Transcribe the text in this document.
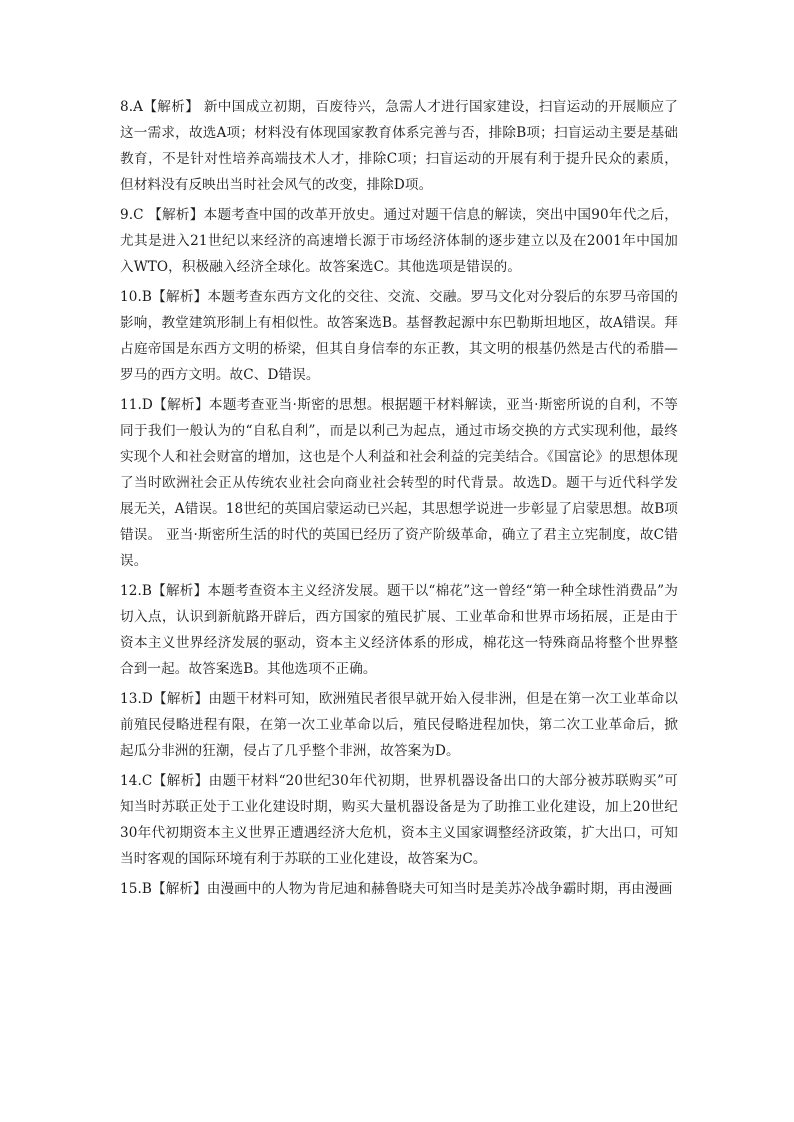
8.A【解析】 新中国成立初期，百废待兴，急需人才进行国家建设，扫盲运动的开展顺应了这一需求，故选A项；材料没有体现国家教育体系完善与否，排除B项；扫盲运动主要是基础教育，不是针对性培养高端技术人才，排除C项；扫盲运动的开展有利于提升民众的素质，但材料没有反映出当时社会风气的改变，排除D项。

9.C 【解析】本题考查中国的改革开放史。通过对题干信息的解读，突出中国90年代之后，尤其是进入21世纪以来经济的高速增长源于市场经济体制的逐步建立以及在2001年中国加入WTO，积极融入经济全球化。故答案选C。其他选项是错误的。

10.B【解析】本题考查东西方文化的交往、交流、交融。罗马文化对分裂后的东罗马帝国的影响，教堂建筑形制上有相似性。故答案选B。基督教起源中东巴勒斯坦地区，故A错误。拜占庭帝国是东西方文明的桥梁，但其自身信奉的东正教，其文明的根基仍然是古代的希腊—罗马的西方文明。故C、D错误。

11.D【解析】本题考查亚当·斯密的思想。根据题干材料解读，亚当·斯密所说的自利，不等同于我们一般认为的“自私自利”，而是以利己为起点，通过市场交换的方式实现利他，最终实现个人和社会财富的增加，这也是个人利益和社会利益的完美结合。《国富论》的思想体现了当时欧洲社会正从传统农业社会向商业社会转型的时代背景。故选D。题干与近代科学发展无关，A错误。18世纪的英国启蒙运动已兴起，其思想学说进一步彰显了启蒙思想。故B项错误。 亚当·斯密所生活的时代的英国已经历了资产阶级革命，确立了君主立宪制度，故C错误。

12.B【解析】本题考查资本主义经济发展。题干以“棉花”这一曾经“第一种全球性消费品”为切入点，认识到新航路开辟后，西方国家的殖民扩展、工业革命和世界市场拓展，正是由于资本主义世界经济发展的驱动，资本主义经济体系的形成，棉花这一特殊商品将整个世界整合到一起。故答案选B。其他选项不正确。

13.D【解析】由题干材料可知，欧洲殖民者很早就开始入侵非洲，但是在第一次工业革命以前殖民侵略进程有限，在第一次工业革命以后，殖民侵略进程加快，第二次工业革命后，掀起瓜分非洲的狂潮，侵占了几乎整个非洲，故答案为D。

14.C【解析】由题干材料“20世纪30年代初期，世界机器设备出口的大部分被苏联购买”可知当时苏联正处于工业化建设时期，购买大量机器设备是为了助推工业化建设，加上20世纪30年代初期资本主义世界正遭遇经济大危机，资本主义国家调整经济政策，扩大出口，可知当时客观的国际环境有利于苏联的工业化建设，故答案为C。

15.B【解析】由漫画中的人物为肯尼迪和赫鲁晓夫可知当时是美苏冷战争霸时期，再由漫画
